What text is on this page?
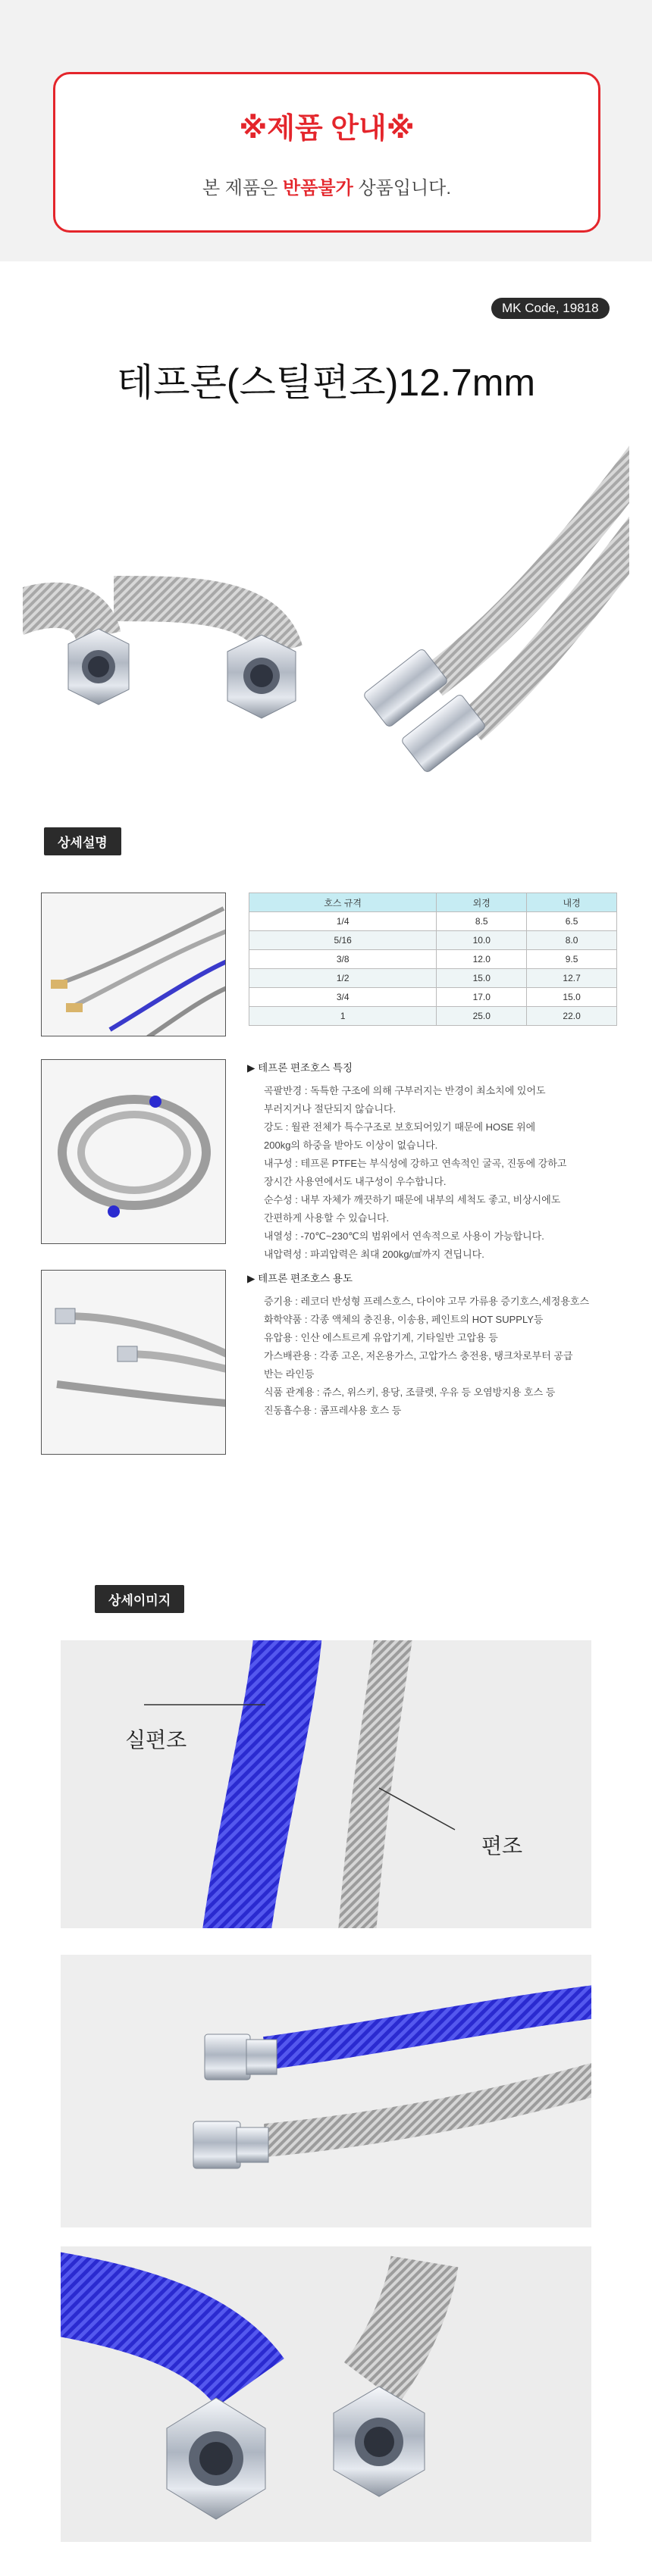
※제품 안내※
본 제품은 반품불가 상품입니다.
MK Code, 19818
테프론(스틸편조)12.7mm
상세설명
호스 규격	외경	내경
1/4	8.5	6.5
5/16	10.0	8.0
3/8	12.0	9.5
1/2	15.0	12.7
3/4	17.0	15.0
1	25.0	22.0
▶ 테프론 편조호스 특징
곡팔반경 : 독특한 구조에 의해 구부러지는 반경이 최소치에 있어도
부러지거나 절단되지 않습니다.
강도 : 월관 전체가 특수구조로 보호되어있기 때문에 HOSE 위에
200kg의 하중을 받아도 이상이 없습니다.
내구성 : 테프론 PTFE는 부식성에 강하고 연속적인 굴곡, 진동에 강하고
장시간 사용연에서도 내구성이 우수합니다.
순수성 : 내부 자체가 깨끗하기 때문에 내부의 세척도 좋고, 비상시에도
간편하게 사용할 수 있습니다.
내열성 : -70℃~230℃의 범위에서 연속적으로 사용이 가능합니다.
내압력성 : 파괴압력은 최대 200kg/㎠까지 견딥니다.
▶ 테프론 편조호스 용도
증기용 : 레코더 반성형 프레스호스, 다이야 고무 가류용 증기호스,세정용호스
화학약품 : 각종 액체의 충진용, 이송용, 페인트의 HOT SUPPLY등
유압용 : 인산 에스트르계 유압기계, 기타일반 고압용 등
가스배관용 : 각종 고온, 저온용가스, 고압가스 충전용, 탱크차로부터 공급
반는 라인등
식품 관계용 : 쥬스, 위스키, 용당, 조클렛, 우유 등 오염방지용 호스 등
진동흡수용 : 콤프레샤용 호스 등
상세이미지
실편조
편조
